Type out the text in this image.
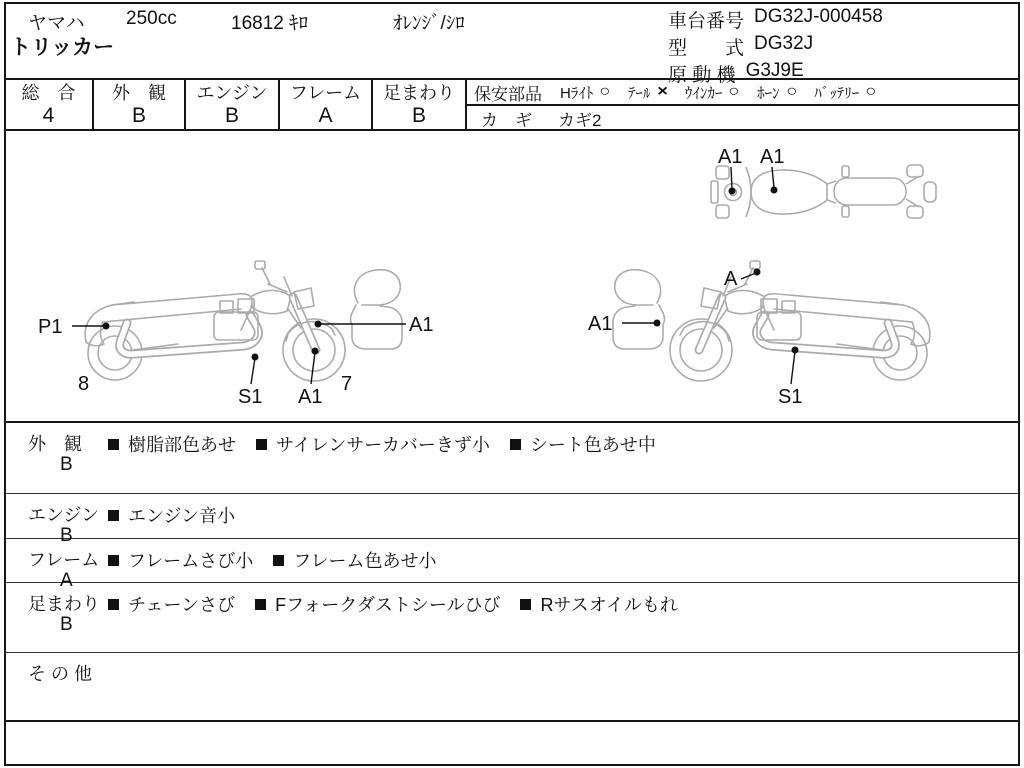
ヤマハ 250cc	16812 ｷﾛ	ｵﾚﾝｼﾞ/ｼﾛ
トリッカー
車台番号 DG32J-000458
型　　式 DG32J
原 動 機 G3J9E
総　合
4
外　観
B
エンジン
B
フレーム
A
足まわり
B
保安部品 Hﾗｲﾄ ○ ﾃｰﾙ × ｳｲﾝｶｰ ○ ﾎｰﾝ ○ ﾊﾞｯﾃﾘｰ ○
カ　ギ カギ2
P1
8
S1 A1
7
A1
A
A1
S1
A1 A1
外　観
B
樹脂部色あせ サイレンサーカバーきず小 シート色あせ中
エンジン
B
エンジン音小
フレーム
A
フレームさび小 フレーム色あせ小
足まわり
B
チェーンさび Fフォークダストシールひび Rサスオイルもれ
そ の 他
